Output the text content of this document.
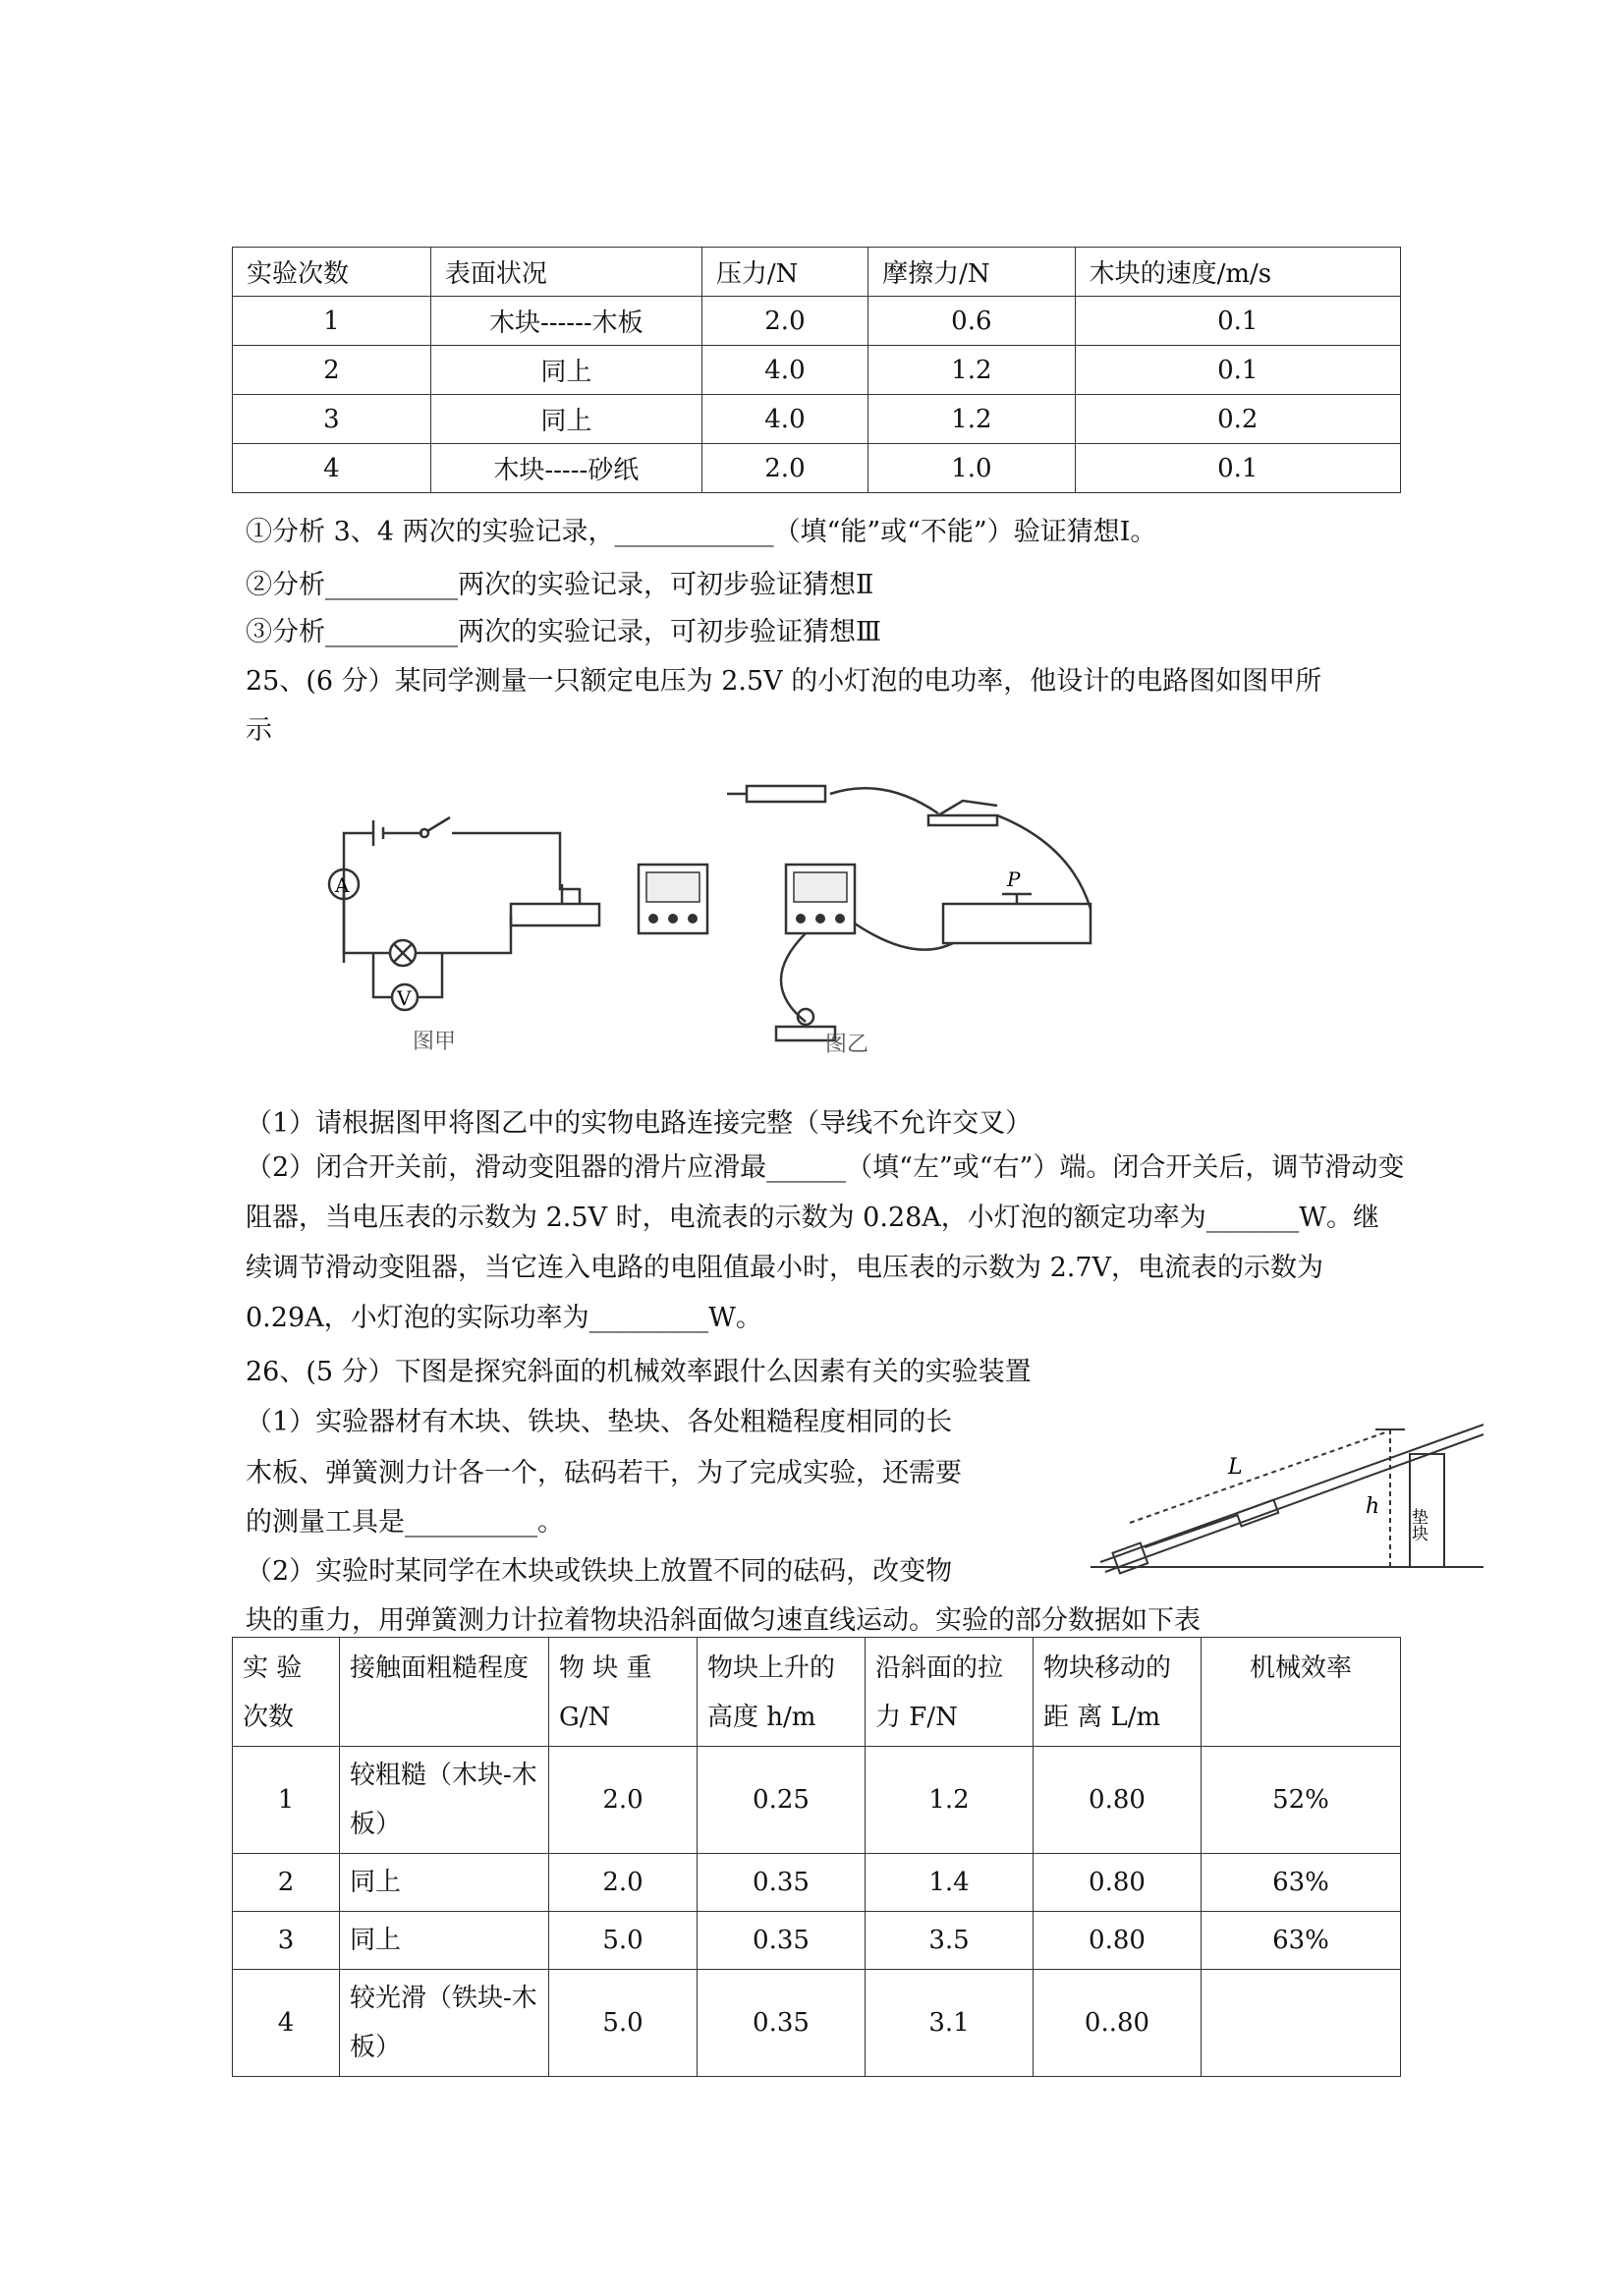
实验次数	表面状况	压力/N	摩擦力/N	木块的速度/m/s
1	木块------木板	2.0	0.6	0.1
2	同上	4.0	1.2	0.1
3	同上	4.0	1.2	0.2
4	木块-----砂纸	2.0	1.0	0.1
①分析 3、4 两次的实验记录，____________（填“能”或“不能”）验证猜想Ⅰ。
②分析__________两次的实验记录，可初步验证猜想Ⅱ
③分析__________两次的实验记录，可初步验证猜想Ⅲ
25、(6 分）某同学测量一只额定电压为 2.5V 的小灯泡的电功率，他设计的电路图如图甲所
示
A
V
P
图甲	图乙
（1）请根据图甲将图乙中的实物电路连接完整（导线不允许交叉）
（2）闭合开关前，滑动变阻器的滑片应滑最______（填“左”或“右”）端。闭合开关后，调节滑动变阻器，当电压表的示数为 2.5V 时，电流表的示数为 0.28A，小灯泡的额定功率为_______W。继续调节滑动变阻器，当它连入电路的电阻值最小时，电压表的示数为 2.7V，电流表的示数为 0.29A，小灯泡的实际功率为_________W。
26、(5 分）下图是探究斜面的机械效率跟什么因素有关的实验装置
（1）实验器材有木块、铁块、垫块、各处粗糙程度相同的长
木板、弹簧测力计各一个，砝码若干，为了完成实验，还需要
的测量工具是__________。
（2）实验时某同学在木块或铁块上放置不同的砝码，改变物
块的重力，用弹簧测力计拉着物块沿斜面做匀速直线运动。实验的部分数据如下表
L
h
垫块
实 验 次数	接触面粗糙程度	物 块 重 G/N	物块上升的高度 h/m	沿斜面的拉力 F/N	物块移动的 距 离 L/m	机械效率
1	较粗糙（木块-木板）	2.0	0.25	1.2	0.80	52%
2	同上	2.0	0.35	1.4	0.80	63%
3	同上	5.0	0.35	3.5	0.80	63%
4	较光滑（铁块-木板）	5.0	0.35	3.1	0..80	
